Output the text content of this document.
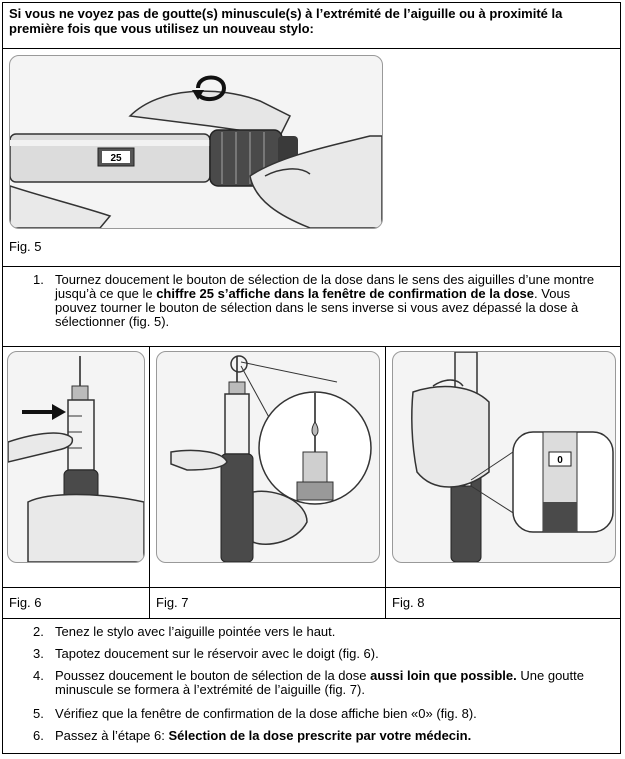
Si vous ne voyez pas de goutte(s) minuscule(s) à l’extrémité de l’aiguille ou à proximité la première fois que vous utilisez un nouveau stylo:
25
Fig. 5
1. Tournez doucement le bouton de sélection de la dose dans le sens des aiguilles d’une montre jusqu’à ce que le chiffre 25 s’affiche dans la fenêtre de confirmation de la dose. Vous pouvez tourner le bouton de sélection dans le sens inverse si vous avez dépassé la dose à sélectionner (fig. 5).
Fig. 6	Fig. 7
0
Fig. 8
2. Tenez le stylo avec l’aiguille pointée vers le haut.
3. Tapotez doucement sur le réservoir avec le doigt (fig. 6).
4. Poussez doucement le bouton de sélection de la dose aussi loin que possible. Une goutte minuscule se formera à l’extrémité de l’aiguille (fig. 7).
5. Vérifiez que la fenêtre de confirmation de la dose affiche bien «0» (fig. 8).
6. Passez à l’étape 6: Sélection de la dose prescrite par votre médecin.
